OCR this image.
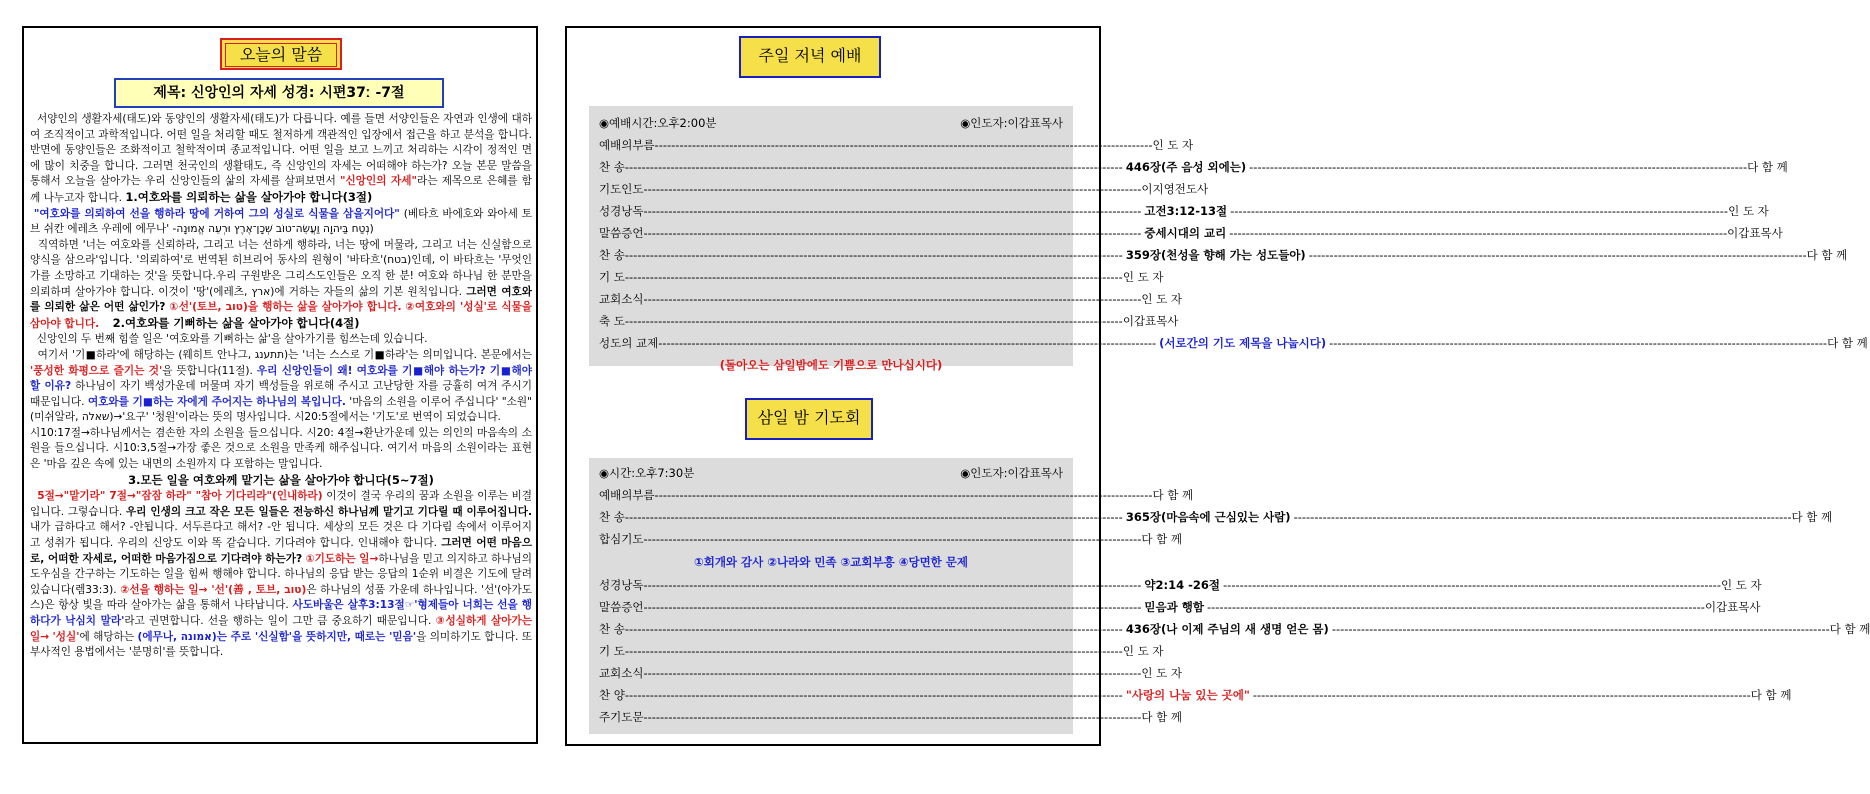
오늘의 말씀
제목: 신앙인의 자세 성경: 시편37ː -7절

서양인의 생활자세(태도)와 동양인의 생활자세(태도)가 다릅니다. 예를 들면 서양인들은 자연과 인생에 대하여 조직적이고 과학적입니다. 어떤 일을 처리할 때도 철저하게 객관적인 입장에서 접근을 하고 분석을 합니다. 반면에 동양인들은 조화적이고 철학적이며 종교적입니다. 어떤 일을 보고 느끼고 처리하는 시각이 정적인 면에 많이 치중을 합니다. 그러면 천국인의 생활태도, 즉 신앙인의 자세는 어떠해야 하는가? 오늘 본문 말씀을 통해서 오늘을 살아가는 우리 신앙인들의 삶의 자세를 살펴보면서 "신앙인의 자세"라는 제목으로 은혜를 함께 나누고자 합니다. 1.여호와를 의뢰하는 삶을 살아가야 합니다(3절)

"여호와를 의뢰하여 선을 행하라 땅에 거하여 그의 성실로 식물을 삼을지어다" (베타흐 바에호와 와아세 토브 쉬칸 에레츠 우레에 에무나' -נְטַח בַּיהוָה וַעֲשֵׂה־טוֹב שְׁכָן־אֶרֶץ וּרְעֵה אֱמוּנָה)

직역하면 '너는 여호와를 신뢰하라, 그리고 너는 선하게 행하라, 너는 땅에 머물라, 그리고 너는 신실함으로 양식을 삼으라'입니다. '의뢰하여'로 번역된 히브리어 동사의 원형이 '바타흐'(בטח)인데, 이 바타흐는 '무엇인가를 소망하고 기대하는 것'을 뜻합니다.우리 구원받은 그리스도인들은 오직 한 분! 여호와 하나님 한 분만을 의뢰하며 살아가야 합니다. 이것이 '땅'(에레츠, ארץ)에 거하는 자들의 삶의 기본 원칙입니다. 그러면 여호와를 의뢰한 삶은 어떤 삶인가? ①선'(토브, טוב)을 행하는 삶을 살아가야 합니다. ②여호와의 '성실'로 식물을 삼아야 합니다. 2.여호와를 기뻐하는 삶을 살아가야 합니다(4절)

신앙인의 두 번째 힘쓸 일은 '여호와를 기뻐하는 삶'을 살아가기를 힘쓰는데 있습니다.

여기서 '기■하라'에 해당하는 (웨히트 안나그, תתענג)는 '너는 스스로 기■하라'는 의미입니다. 본문에서는 '풍성한 화평으로 즐기는 것'을 뜻합니다(11절). 우리 신앙인들이 왜! 여호와를 기■해야 하는가? 기■해야 할 이유? 하나님이 자기 백성가운데 머물며 자기 백성들을 위로해 주시고 고난당한 자를 긍휼히 여겨 주시기 때문입니다. 여호와를 기■하는 자에게 주어지는 하나님의 복입니다. '마음의 소원을 이루어 주십니다' "소원"(미쉬알라, שאלה)→'요구' '청원'이라는 뜻의 명사입니다. 시20:5절에서는 '기도'로 번역이 되었습니다.

시10:17절→하나님께서는 겸손한 자의 소원을 들으십니다. 시20: 4절→환난가운데 있는 의인의 마음속의 소원을 들으십니다. 시10:3,5절→가장 좋은 것으로 소원을 만족케 해주십니다. 여기서 마음의 소원이라는 표현은 '마음 깊은 속에 있는 내면의 소원까지 다 포함하는 말입니다.

3.모든 일을 여호와께 맡기는 삶을 살아가야 합니다(5~7절)

5절→"맡기라" 7절→"잠잠 하라" "참아 기다리라"(인내하라) 이것이 결국 우리의 꿈과 소원을 이루는 비결입니다. 그렇습니다. 우리 인생의 크고 작은 모든 일들은 전능하신 하나님께 맡기고 기다릴 때 이루어집니다. 내가 급하다고 해서? -안됩니다. 서두른다고 해서? -안 됩니다. 세상의 모든 것은 다 기다림 속에서 이루어지고 성취가 됩니다. 우리의 신앙도 이와 똑 같습니다. 기다려야 합니다. 인내해야 합니다. 그러면 어떤 마음으로, 어떠한 자세로, 어떠한 마음가짐으로 기다려야 하는가? ①기도하는 일→하나님을 믿고 의지하고 하나님의 도우심을 간구하는 기도하는 일을 힘써 행해야 합니다. 하나님의 응답 받는 응답의 1순위 비결은 기도에 달려있습니다(렘33:3). ②선을 행하는 일→ '선'(善 , 토브, טוב)은 하나님의 성품 가운데 하나입니다. '선'(아가도스)은 항상 빛을 따라 살아가는 삶을 통해서 나타납니다. 사도바울은 살후3:13절☞'형제들아 너희는 선을 행하다가 낙심치 말라'라고 권면합니다. 선을 행하는 일이 그만 큼 중요하기 때문입니다. ③성실하게 살아가는 일→ '성실'에 해당하는 (에무나, אמונה)는 주로 '신실함'을 뜻하지만, 때로는 '믿음'을 의미하기도 합니다. 또 부사적인 용법에서는 '분명히'를 뜻합니다.

주일 저녁 예배
◉예배시간:오후2:00분	◉인도자:이갑표목사
예배의부름 ------------------------------------------------------------------------------------------------------------------------ 인 도 자
찬 송 ------------------------------------------------------------------------------------------------------------------------ 446장(주 음성 외에는) ------------------------------------------------------------------------------------------------------------------------ 다 함 께
기도인도 ------------------------------------------------------------------------------------------------------------------------ 이지영전도사
성경낭독 ------------------------------------------------------------------------------------------------------------------------ 고전3:12-13절 ------------------------------------------------------------------------------------------------------------------------ 인 도 자
말씀증언 ------------------------------------------------------------------------------------------------------------------------ 중세시대의 교리 ------------------------------------------------------------------------------------------------------------------------ 이갑표목사
찬 송 ------------------------------------------------------------------------------------------------------------------------ 359장(천성을 향해 가는 성도들아) ------------------------------------------------------------------------------------------------------------------------ 다 함 께
기 도 ------------------------------------------------------------------------------------------------------------------------ 인 도 자
교회소식 ------------------------------------------------------------------------------------------------------------------------ 인 도 자
축 도 ------------------------------------------------------------------------------------------------------------------------ 이갑표목사
성도의 교제 ------------------------------------------------------------------------------------------------------------------------ (서로간의 기도 제목을 나눕시다) ------------------------------------------------------------------------------------------------------------------------ 다 함 께
(돌아오는 삼일밤에도 기쁨으로 만나십시다)
삼일 밤 기도회
◉시간:오후7:30분	◉인도자:이갑표목사
예배의부름 ------------------------------------------------------------------------------------------------------------------------ 다 함 께
찬 송 ------------------------------------------------------------------------------------------------------------------------ 365장(마음속에 근심있는 사람) ------------------------------------------------------------------------------------------------------------------------ 다 함 께
합심기도 ------------------------------------------------------------------------------------------------------------------------ 다 함 께
①회개와 감사 ②나라와 민족 ③교회부흥 ④당면한 문제
성경낭독 ------------------------------------------------------------------------------------------------------------------------ 약2:14 -26절 ------------------------------------------------------------------------------------------------------------------------ 인 도 자
말씀증언 ------------------------------------------------------------------------------------------------------------------------ 믿음과 행함 ------------------------------------------------------------------------------------------------------------------------ 이갑표목사
찬 송 ------------------------------------------------------------------------------------------------------------------------ 436장(나 이제 주님의 새 생명 얻은 몸) ------------------------------------------------------------------------------------------------------------------------ 다 함 께
기 도 ------------------------------------------------------------------------------------------------------------------------ 인 도 자
교회소식 ------------------------------------------------------------------------------------------------------------------------ 인 도 자
찬 양 ------------------------------------------------------------------------------------------------------------------------ "사랑의 나눔 있는 곳에" ------------------------------------------------------------------------------------------------------------------------ 다 함 께
주기도문 ------------------------------------------------------------------------------------------------------------------------ 다 함 께
